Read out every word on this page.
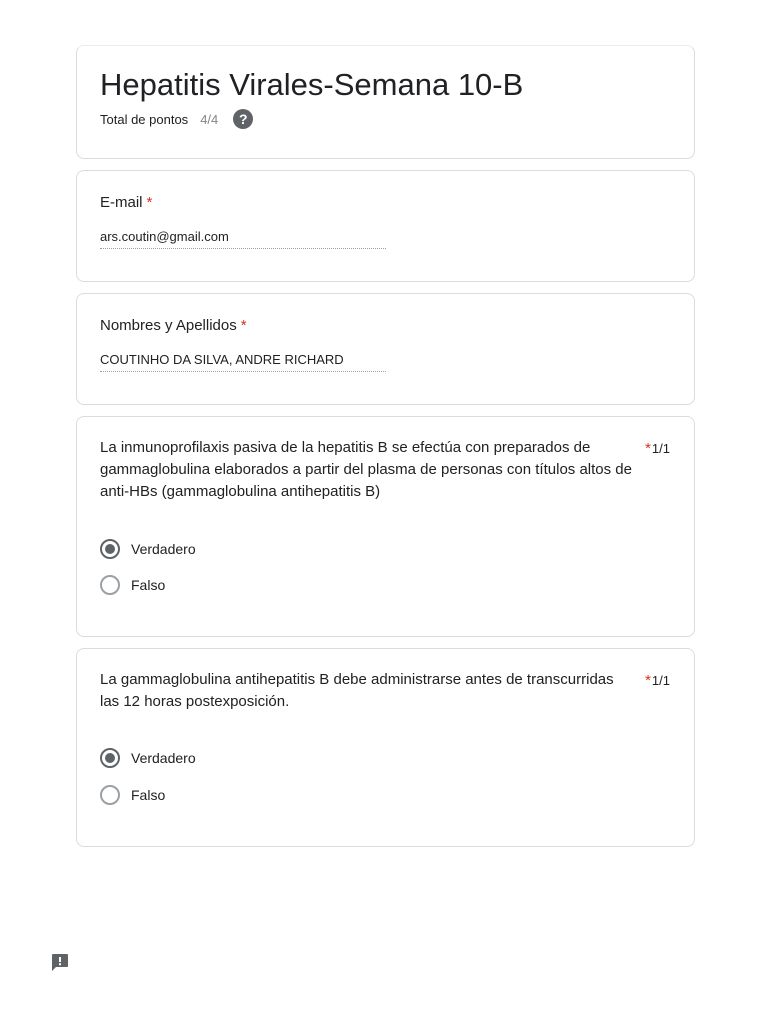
Hepatitis Virales-Semana 10-B
Total de pontos 4/4	?
E-mail *
ars.coutin@gmail.com
Nombres y Apellidos *
COUTINHO DA SILVA, ANDRE RICHARD
La inmunoprofilaxis pasiva de la hepatitis B se efectúa con preparados de gammaglobulina elaborados a partir del plasma de personas con títulos altos de anti-HBs (gammaglobulina antihepatitis B)
*1/1
Verdadero
Falso
La gammaglobulina antihepatitis B debe administrarse antes de transcurridas las 12 horas postexposición.
*1/1
Verdadero
Falso
